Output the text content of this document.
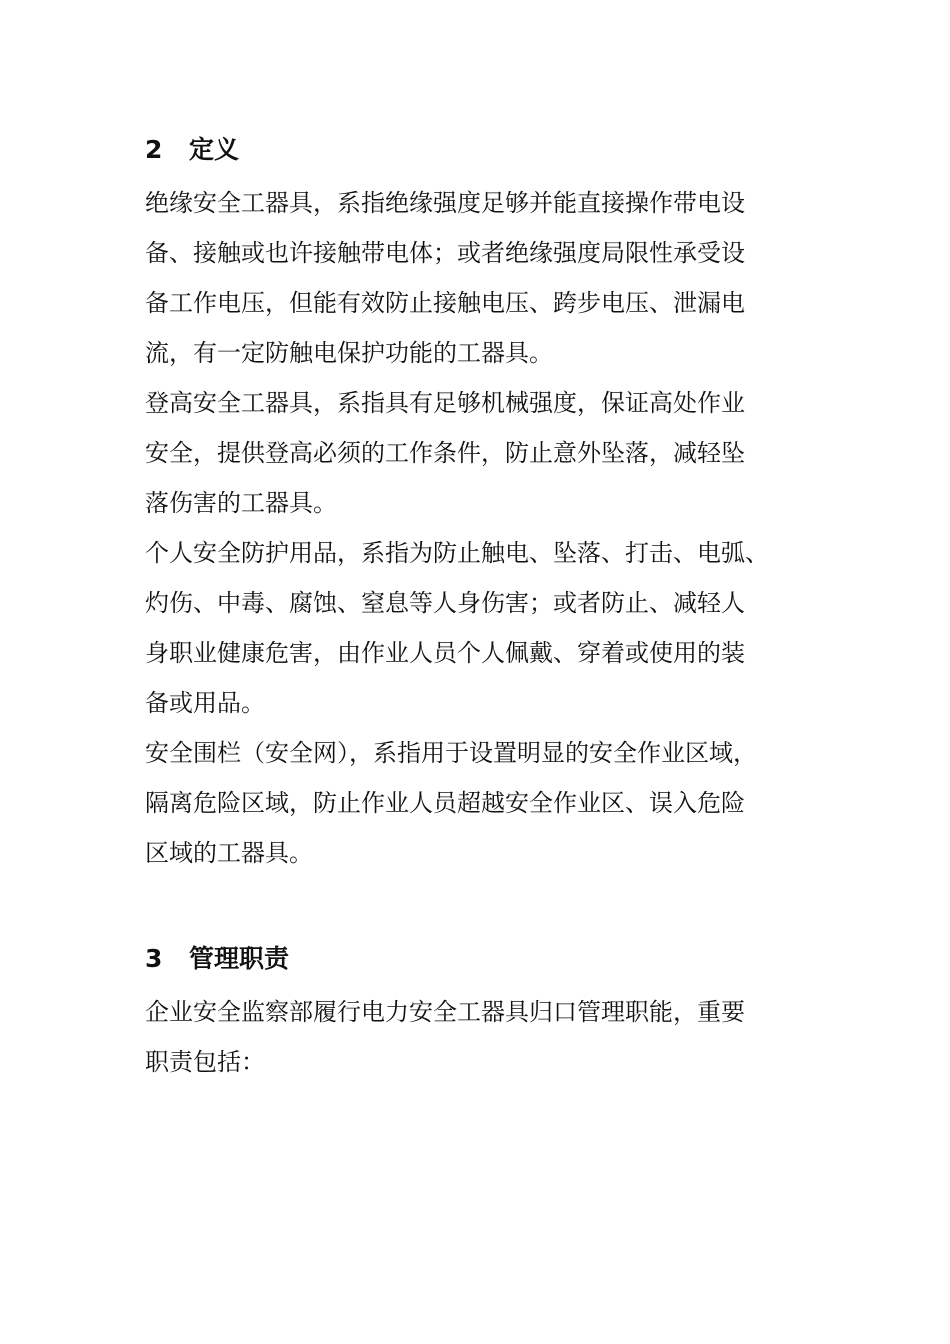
2	定义

绝缘安全工器具，系指绝缘强度足够并能直接操作带电设
备、接触或也许接触带电体；或者绝缘强度局限性承受设
备工作电压，但能有效防止接触电压、跨步电压、泄漏电
流，有一定防触电保护功能的工器具。

登高安全工器具，系指具有足够机械强度，保证高处作业
安全，提供登高必须的工作条件，防止意外坠落，减轻坠
落伤害的工器具。

个人安全防护用品，系指为防止触电、坠落、打击、电弧、
灼伤、中毒、腐蚀、窒息等人身伤害；或者防止、减轻人
身职业健康危害，由作业人员个人佩戴、穿着或使用的装
备或用品。

安全围栏（安全网），系指用于设置明显的安全作业区域，
隔离危险区域，防止作业人员超越安全作业区、误入危险
区域的工器具。

3	管理职责

企业安全监察部履行电力安全工器具归口管理职能，重要
职责包括：
